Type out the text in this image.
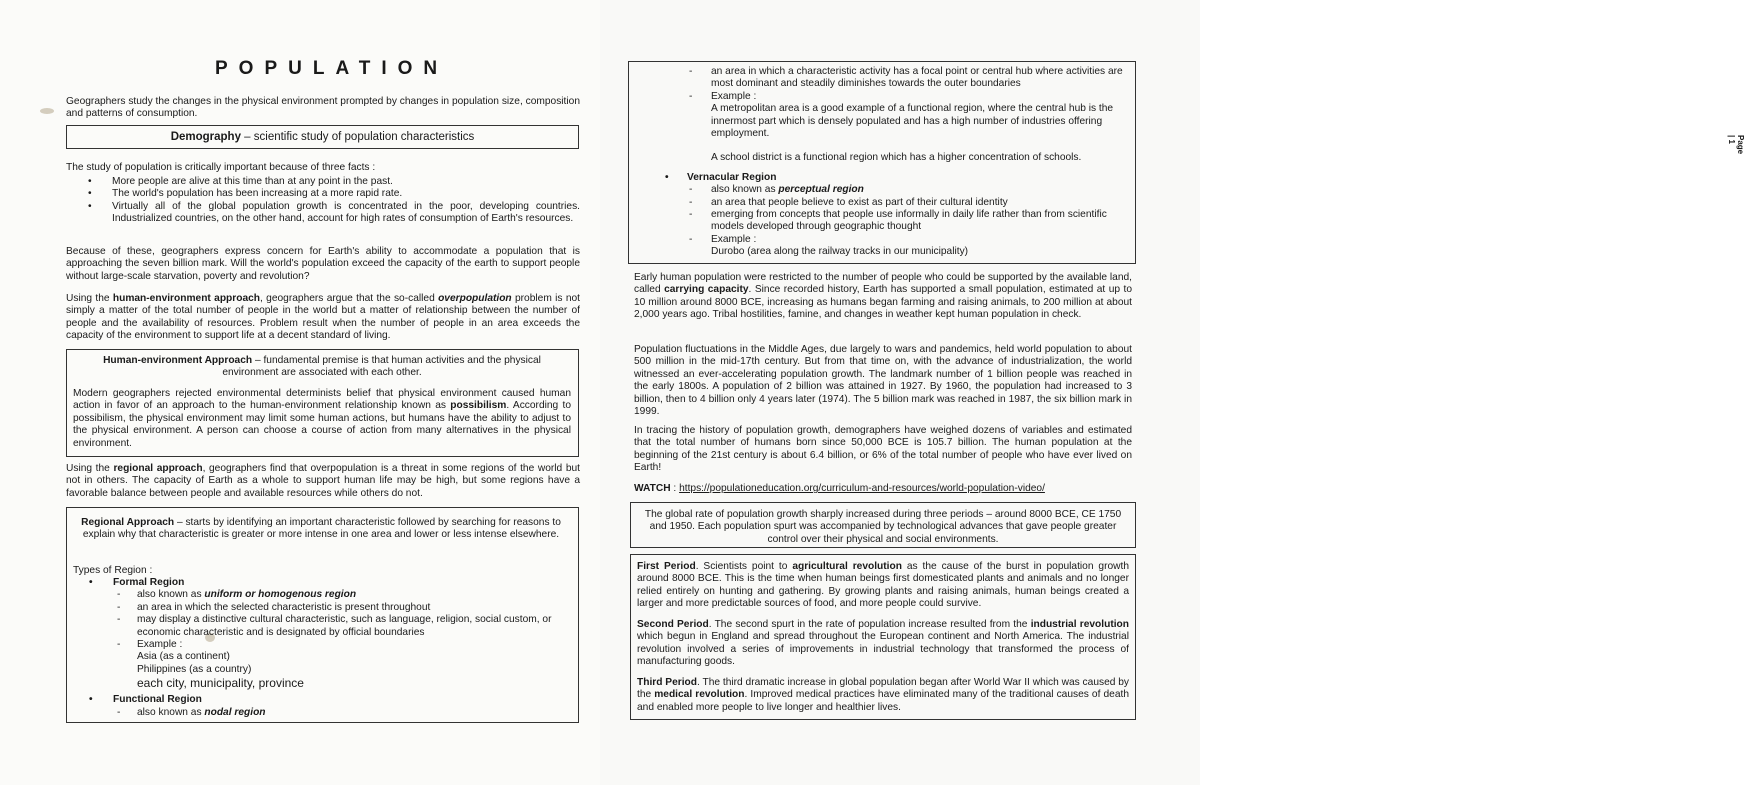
POPULATION

Geographers study the changes in the physical environment prompted by changes in population size, composition and patterns of consumption.

Demography – scientific study of population characteristics

The study of population is critically important because of three facts :

• More people are alive at this time than at any point in the past.
• The world's population has been increasing at a more rapid rate.
• Virtually all of the global population growth is concentrated in the poor, developing countries. Industrialized countries, on the other hand, account for high rates of consumption of Earth's resources.

Because of these, geographers express concern for Earth's ability to accommodate a population that is approaching the seven billion mark. Will the world's population exceed the capacity of the earth to support people without large-scale starvation, poverty and revolution?

Using the human-environment approach, geographers argue that the so-called overpopulation problem is not simply a matter of the total number of people in the world but a matter of relationship between the number of people and the availability of resources. Problem result when the number of people in an area exceeds the capacity of the environment to support life at a decent standard of living.

Human-environment Approach – fundamental premise is that human activities and the physical environment are associated with each other.

Modern geographers rejected environmental determinists belief that physical environment caused human action in favor of an approach to the human-environment relationship known as possibilism. According to possibilism, the physical environment may limit some human actions, but humans have the ability to adjust to the physical environment. A person can choose a course of action from many alternatives in the physical environment.

Using the regional approach, geographers find that overpopulation is a threat in some regions of the world but not in others. The capacity of Earth as a whole to support human life may be high, but some regions have a favorable balance between people and available resources while others do not.

Regional Approach – starts by identifying an important characteristic followed by searching for reasons to explain why that characteristic is greater or more intense in one area and lower or less intense elsewhere.

Types of Region :

• Formal Region

- also known as uniform or homogenous region

- an area in which the selected characteristic is present throughout

- may display a distinctive cultural characteristic, such as language, religion, social custom, or economic characteristic and is designated by official boundaries

- Example :

Asia (as a continent)

Philippines (as a country)

each city, municipality, province

• Functional Region

- also known as nodal region

- an area in which a characteristic activity has a focal point or central hub where activities are most dominant and steadily diminishes towards the outer boundaries

- Example :

A metropolitan area is a good example of a functional region, where the central hub is the innermost part which is densely populated and has a high number of industries offering employment.

A school district is a functional region which has a higher concentration of schools.

• Vernacular Region

- also known as perceptual region

- an area that people believe to exist as part of their cultural identity

- emerging from concepts that people use informally in daily life rather than from scientific models developed through geographic thought

- Example :

Durobo (area along the railway tracks in our municipality)

Page | 1

Early human population were restricted to the number of people who could be supported by the available land, called carrying capacity. Since recorded history, Earth has supported a small population, estimated at up to 10 million around 8000 BCE, increasing as humans began farming and raising animals, to 200 million at about 2,000 years ago. Tribal hostilities, famine, and changes in weather kept human population in check.

Population fluctuations in the Middle Ages, due largely to wars and pandemics, held world population to about 500 million in the mid-17th century. But from that time on, with the advance of industrialization, the world witnessed an ever-accelerating population growth. The landmark number of 1 billion people was reached in the early 1800s. A population of 2 billion was attained in 1927. By 1960, the population had increased to 3 billion, then to 4 billion only 4 years later (1974). The 5 billion mark was reached in 1987, the six billion mark in 1999.

In tracing the history of population growth, demographers have weighed dozens of variables and estimated that the total number of humans born since 50,000 BCE is 105.7 billion. The human population at the beginning of the 21st century is about 6.4 billion, or 6% of the total number of people who have ever lived on Earth!

WATCH : https://populationeducation.org/curriculum-and-resources/world-population-video/

The global rate of population growth sharply increased during three periods – around 8000 BCE, CE 1750 and 1950. Each population spurt was accompanied by technological advances that gave people greater control over their physical and social environments.

First Period. Scientists point to agricultural revolution as the cause of the burst in population growth around 8000 BCE. This is the time when human beings first domesticated plants and animals and no longer relied entirely on hunting and gathering. By growing plants and raising animals, human beings created a larger and more predictable sources of food, and more people could survive.

Second Period. The second spurt in the rate of population increase resulted from the industrial revolution which begun in England and spread throughout the European continent and North America. The industrial revolution involved a series of improvements in industrial technology that transformed the process of manufacturing goods.

Third Period. The third dramatic increase in global population began after World War II which was caused by the medical revolution. Improved medical practices have eliminated many of the traditional causes of death and enabled more people to live longer and healthier lives.
